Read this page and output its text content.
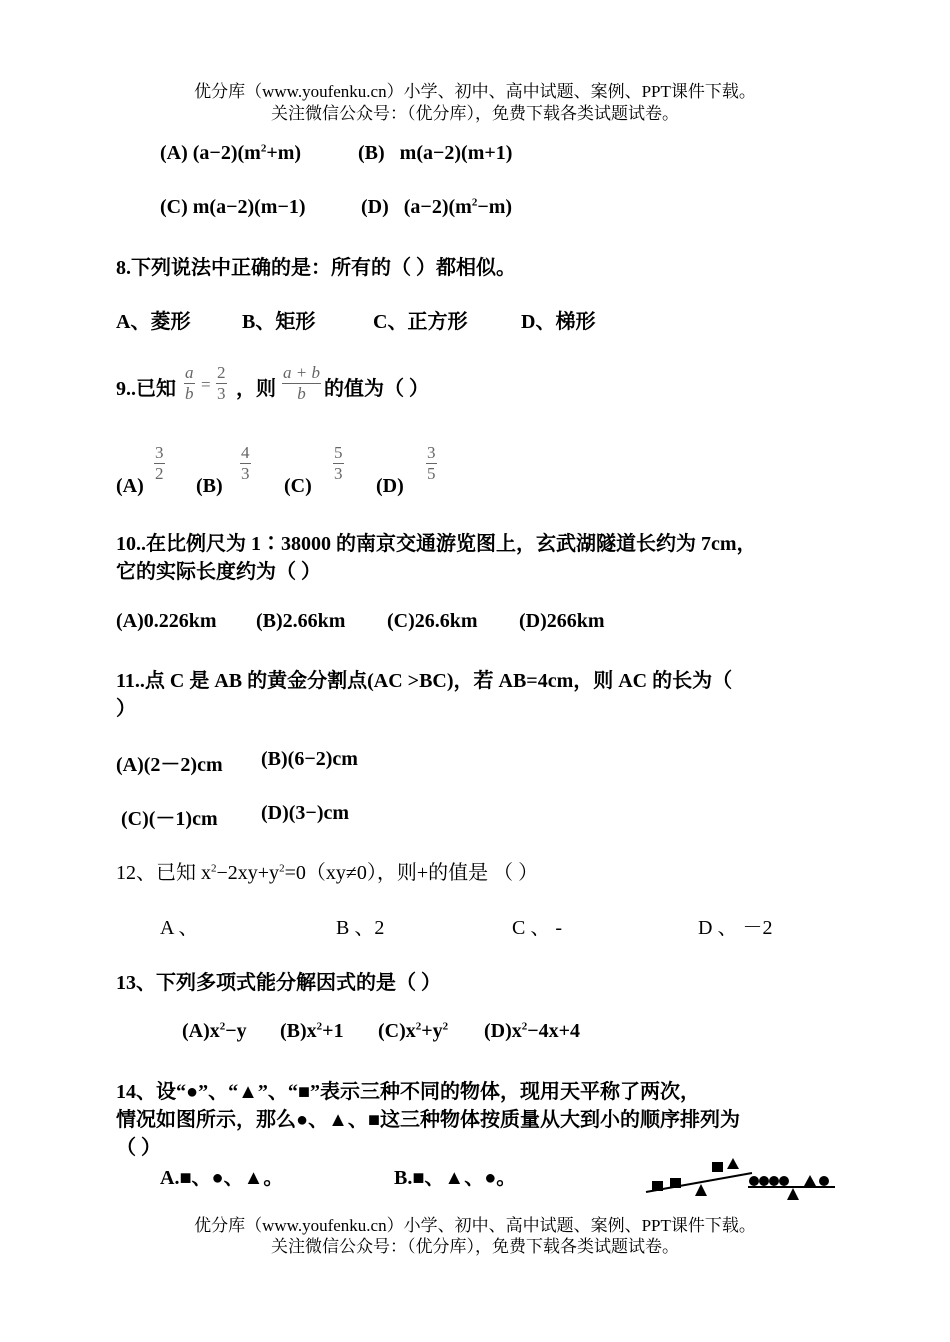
优分库（www.youfenku.cn）小学、初中、高中试题、案例、PPT课件下载。
关注微信公众号：（优分库），免费下载各类试题试卷。
(A) $(a-2)(m^2+m)$	(B) m(a−2)(m+1)
(C) m(a−2)(m−1)	(D) $(a-2)(m^2-m)$
8.下列说法中正确的是：所有的（ ）都相似。
A、菱形	B、矩形	C、正方形	D、梯形
9..已知 $\frac{a}{b} = \frac{2}{3}$ ，则 $\frac{a + b}{b}$ 的值为（ ）
(A)
$\frac{3}{2}$
(B)
$\frac{4}{3}$
(C)
$\frac{5}{3}$
(D)
$\frac{3}{5}$
10..在比例尺为 1∶38000 的南京交通游览图上，玄武湖隧道长约为 7cm，
它的实际长度约为（ ）
(A)0.226km (B)2.66km (C)26.6km (D)266km
11..点 C 是 AB 的黄金分割点(AC >BC)，若 AB=4cm，则 AC 的长为（
）
(A)(2－2)cm (B)(6−2)cm
(C)(－1)cm (D)(3−)cm
12、已知 $x^2-2xy+y^2=0(xy\ne 0)$，则+的值是 （ ）
A 、	B 、2	C 、 -	D 、 －2
13、下列多项式能分解因式的是（ ）
$(A)x^2-y$ $(B)x^2+1$ $(C)x^2+y^2$ $(D)x^2-4x+4$
14、设“●”、“▲”、“■”表示三种不同的物体，现用天平称了两次，
情况如图所示，那么●、▲、■这三种物体按质量从大到小的顺序排列为
（ ）
A.■、●、▲。	B.■、▲、●。
优分库（www.youfenku.cn）小学、初中、高中试题、案例、PPT课件下载。
关注微信公众号：（优分库），免费下载各类试题试卷。
